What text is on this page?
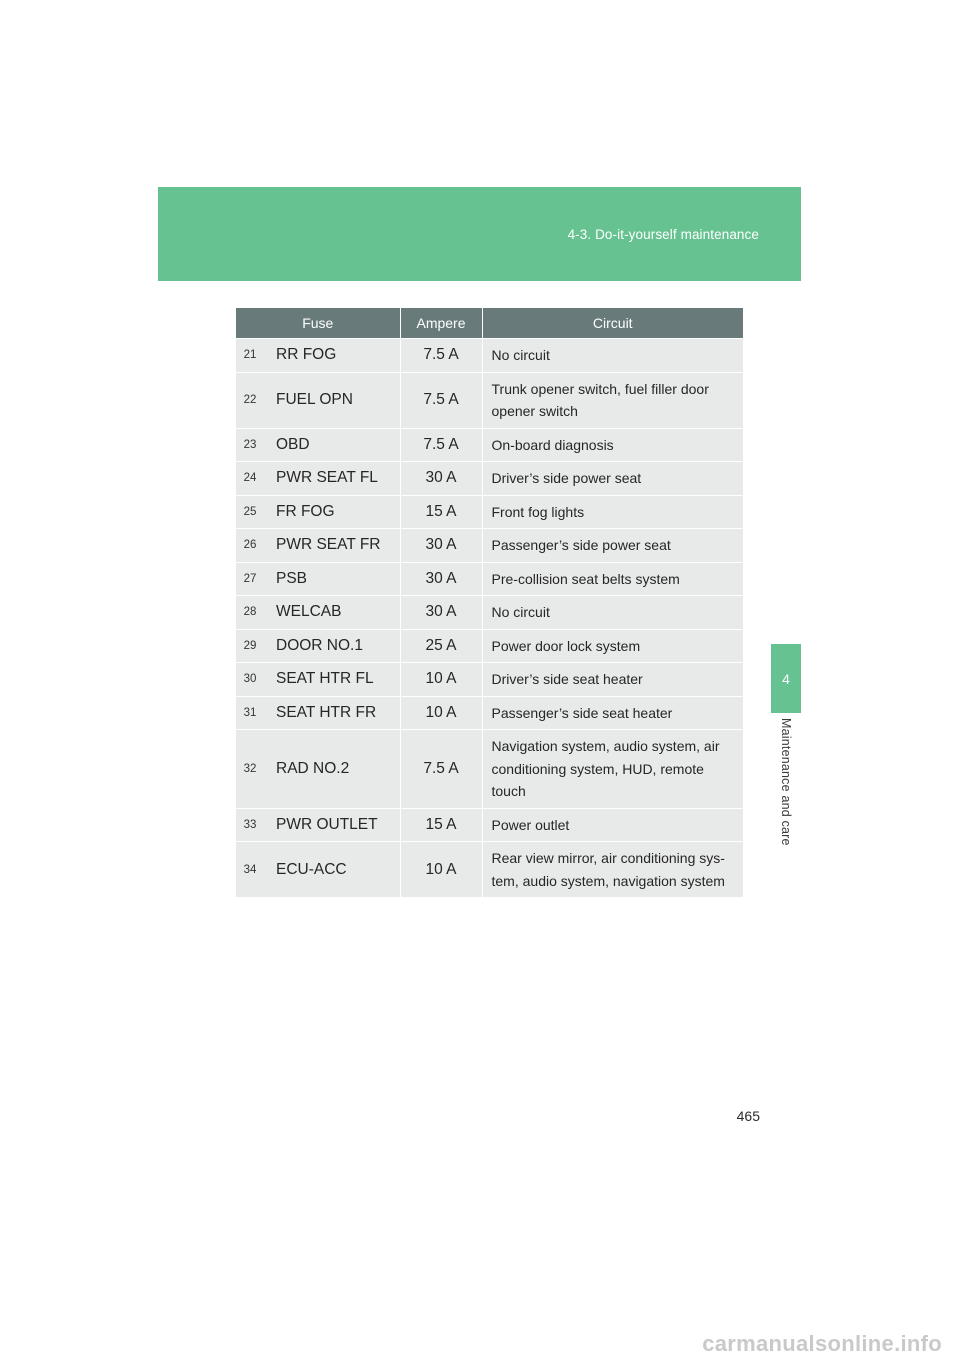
4-3. Do-it-yourself maintenance
4
Maintenance and care
Fuse		Ampere	Circuit
21	RR FOG	7.5 A	No circuit
22	FUEL OPN	7.5 A	Trunk opener switch, fuel filler door opener switch
23	OBD	7.5 A	On-board diagnosis
24	PWR SEAT FL	30 A	Driver’s side power seat
25	FR FOG	15 A	Front fog lights
26	PWR SEAT FR	30 A	Passenger’s side power seat
27	PSB	30 A	Pre-collision seat belts system
28	WELCAB	30 A	No circuit
29	DOOR NO.1	25 A	Power door lock system
30	SEAT HTR FL	10 A	Driver’s side seat heater
31	SEAT HTR FR	10 A	Passenger’s side seat heater
32	RAD NO.2	7.5 A	Navigation system, audio system, air conditioning system, HUD, remote touch
33	PWR OUTLET	15 A	Power outlet
34	ECU-ACC	10 A	Rear view mirror, air conditioning sys-tem, audio system, navigation system
465
carmanualsonline.info
